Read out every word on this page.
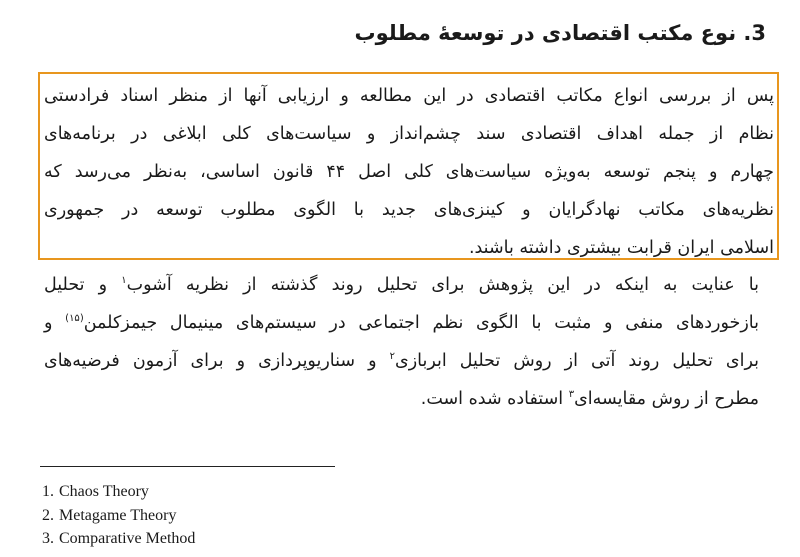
3. نوع مکتب اقتصادی در توسعهٔ مطلوب
پس از بررسی انواع مکاتب اقتصادی در این مطالعه و ارزیابی آنها از منظر اسناد فرادستی
نظام از جمله اهداف اقتصادی سند چشم‌انداز و سیاست‌های کلی ابلاغی در برنامه‌های
چهارم و پنجم توسعه به‌ویژه سیاست‌های کلی اصل ۴۴ قانون اساسی، به‌نظر می‌رسد که
نظریه‌های مکاتب نهادگرایان و کینزی‌های جدید با الگوی مطلوب توسعه در جمهوری
اسلامی ایران قرابت بیشتری داشته باشند.
با عنایت به اینکه در این پژوهش برای تحلیل روند گذشته از نظریه آشوب$^۱$ و تحلیل
بازخوردهای منفی و مثبت با الگوی نظم اجتماعی در سیستم‌های مینیمال جیمزکلمن$^{(۱۵)}$ و
برای تحلیل روند آتی از روش تحلیل ابربازی$^۲$ و سناریوپردازی و برای آزمون فرضیه‌های
مطرح از روش مقایسه‌ای$^۳$ استفاده شده است.
1. Chaos Theory
2. Metagame Theory
3. Comparative Method
